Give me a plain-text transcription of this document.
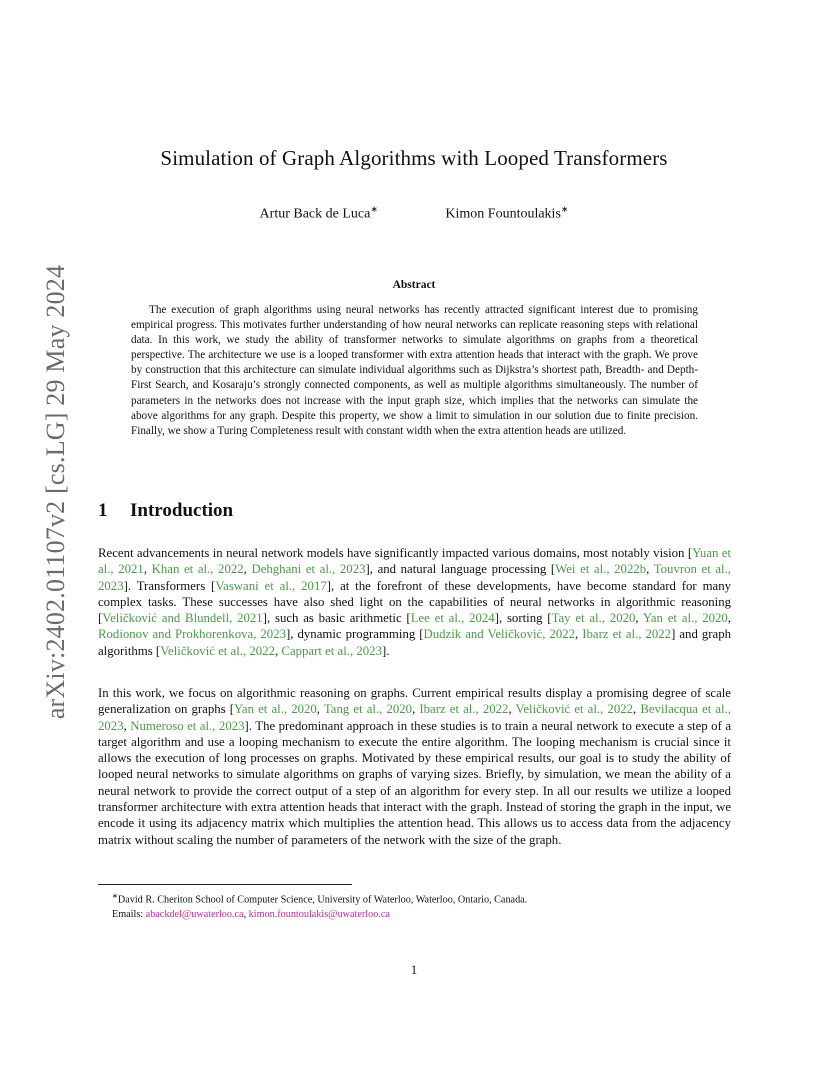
arXiv:2402.01107v2 [cs.LG] 29 May 2024
Simulation of Graph Algorithms with Looped Transformers
Artur Back de Luca∗	Kimon Fountoulakis∗
Abstract
The execution of graph algorithms using neural networks has recently attracted significant interest due to promising empirical progress. This motivates further understanding of how neural networks can replicate reasoning steps with relational data. In this work, we study the ability of transformer networks to simulate algorithms on graphs from a theoretical perspective. The architecture we use is a looped transformer with extra attention heads that interact with the graph. We prove by construction that this architecture can simulate individual algorithms such as Dijkstra’s shortest path, Breadth- and Depth-First Search, and Kosaraju’s strongly connected components, as well as multiple algorithms simultaneously. The number of parameters in the networks does not increase with the input graph size, which implies that the networks can simulate the above algorithms for any graph. Despite this property, we show a limit to simulation in our solution due to finite precision. Finally, we show a Turing Completeness result with constant width when the extra attention heads are utilized.
1 Introduction

Recent advancements in neural network models have significantly impacted various domains, most notably vision [Yuan et al., 2021, Khan et al., 2022, Dehghani et al., 2023], and natural language processing [Wei et al., 2022b, Touvron et al., 2023]. Transformers [Vaswani et al., 2017], at the forefront of these developments, have become standard for many complex tasks. These successes have also shed light on the capabilities of neural networks in algorithmic reasoning [Veličković and Blundell, 2021], such as basic arithmetic [Lee et al., 2024], sorting [Tay et al., 2020, Yan et al., 2020, Rodionov and Prokhorenkova, 2023], dynamic programming [Dudzik and Veličković, 2022, Ibarz et al., 2022] and graph algorithms [Veličković et al., 2022, Cappart et al., 2023].

In this work, we focus on algorithmic reasoning on graphs. Current empirical results display a promising degree of scale generalization on graphs [Yan et al., 2020, Tang et al., 2020, Ibarz et al., 2022, Veličković et al., 2022, Bevilacqua et al., 2023, Numeroso et al., 2023]. The predominant approach in these studies is to train a neural network to execute a step of a target algorithm and use a looping mechanism to execute the entire algorithm. The looping mechanism is crucial since it allows the execution of long processes on graphs. Motivated by these empirical results, our goal is to study the ability of looped neural networks to simulate algorithms on graphs of varying sizes. Briefly, by simulation, we mean the ability of a neural network to provide the correct output of a step of an algorithm for every step. In all our results we utilize a looped transformer architecture with extra attention heads that interact with the graph. Instead of storing the graph in the input, we encode it using its adjacency matrix which multiplies the attention head. This allows us to access data from the adjacency matrix without scaling the number of parameters of the network with the size of the graph.

∗David R. Cheriton School of Computer Science, University of Waterloo, Waterloo, Ontario, Canada.
Emails: abackdel@uwaterloo.ca, kimon.fountoulakis@uwaterloo.ca
1
